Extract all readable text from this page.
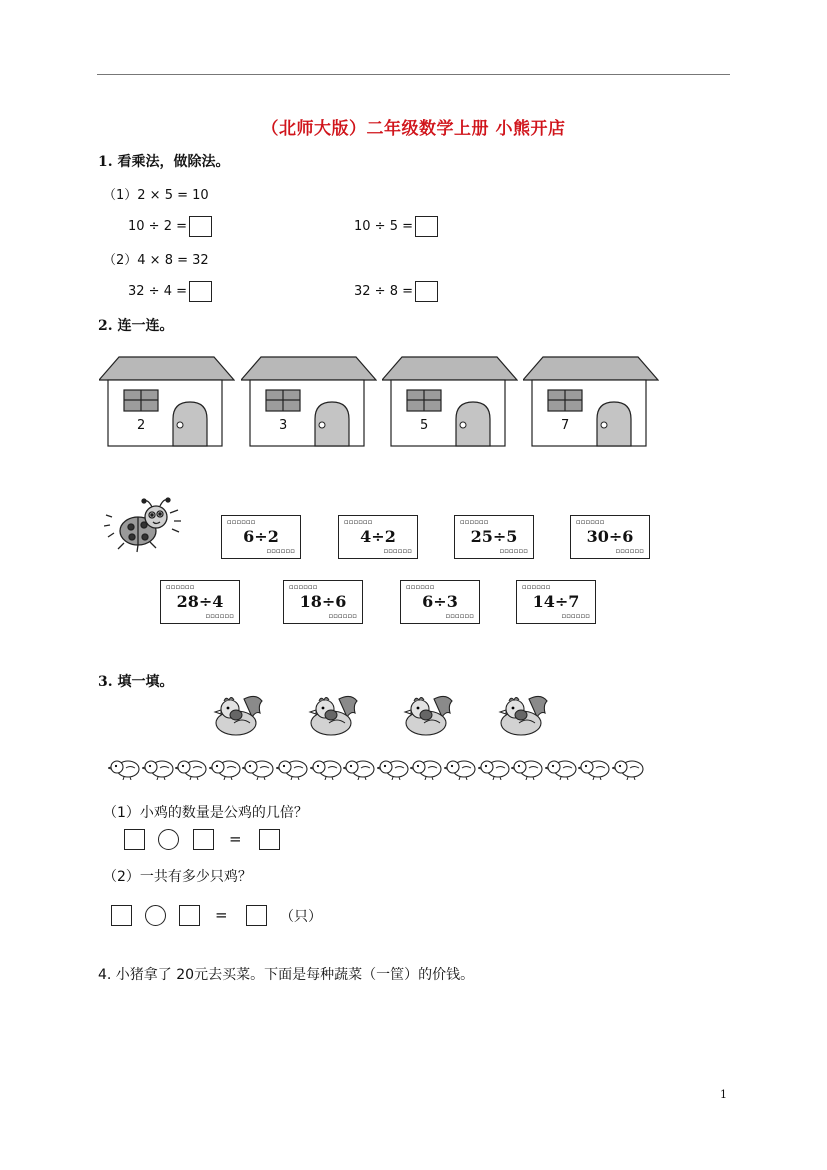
（北师大版）二年级数学上册 小熊开店
1. 看乘法，做除法。
（1）2 × 5 = 10
10 ÷ 2 =	10 ÷ 5 =
（2）4 × 8 = 32
32 ÷ 4 =	32 ÷ 8 =
2. 连一连。
2	3	5	7
▫▫▫▫▫▫
6÷2
▫▫▫▫▫▫
▫▫▫▫▫▫
4÷2
▫▫▫▫▫▫
▫▫▫▫▫▫
25÷5
▫▫▫▫▫▫
▫▫▫▫▫▫
30÷6
▫▫▫▫▫▫
▫▫▫▫▫▫
28÷4
▫▫▫▫▫▫
▫▫▫▫▫▫
18÷6
▫▫▫▫▫▫
▫▫▫▫▫▫
6÷3
▫▫▫▫▫▫
▫▫▫▫▫▫
14÷7
▫▫▫▫▫▫
3. 填一填。
（1）小鸡的数量是公鸡的几倍？
=
（2）一共有多少只鸡？
=	（只）
4. 小猪拿了 20元去买菜。下面是每种蔬菜（一筐）的价钱。
1
